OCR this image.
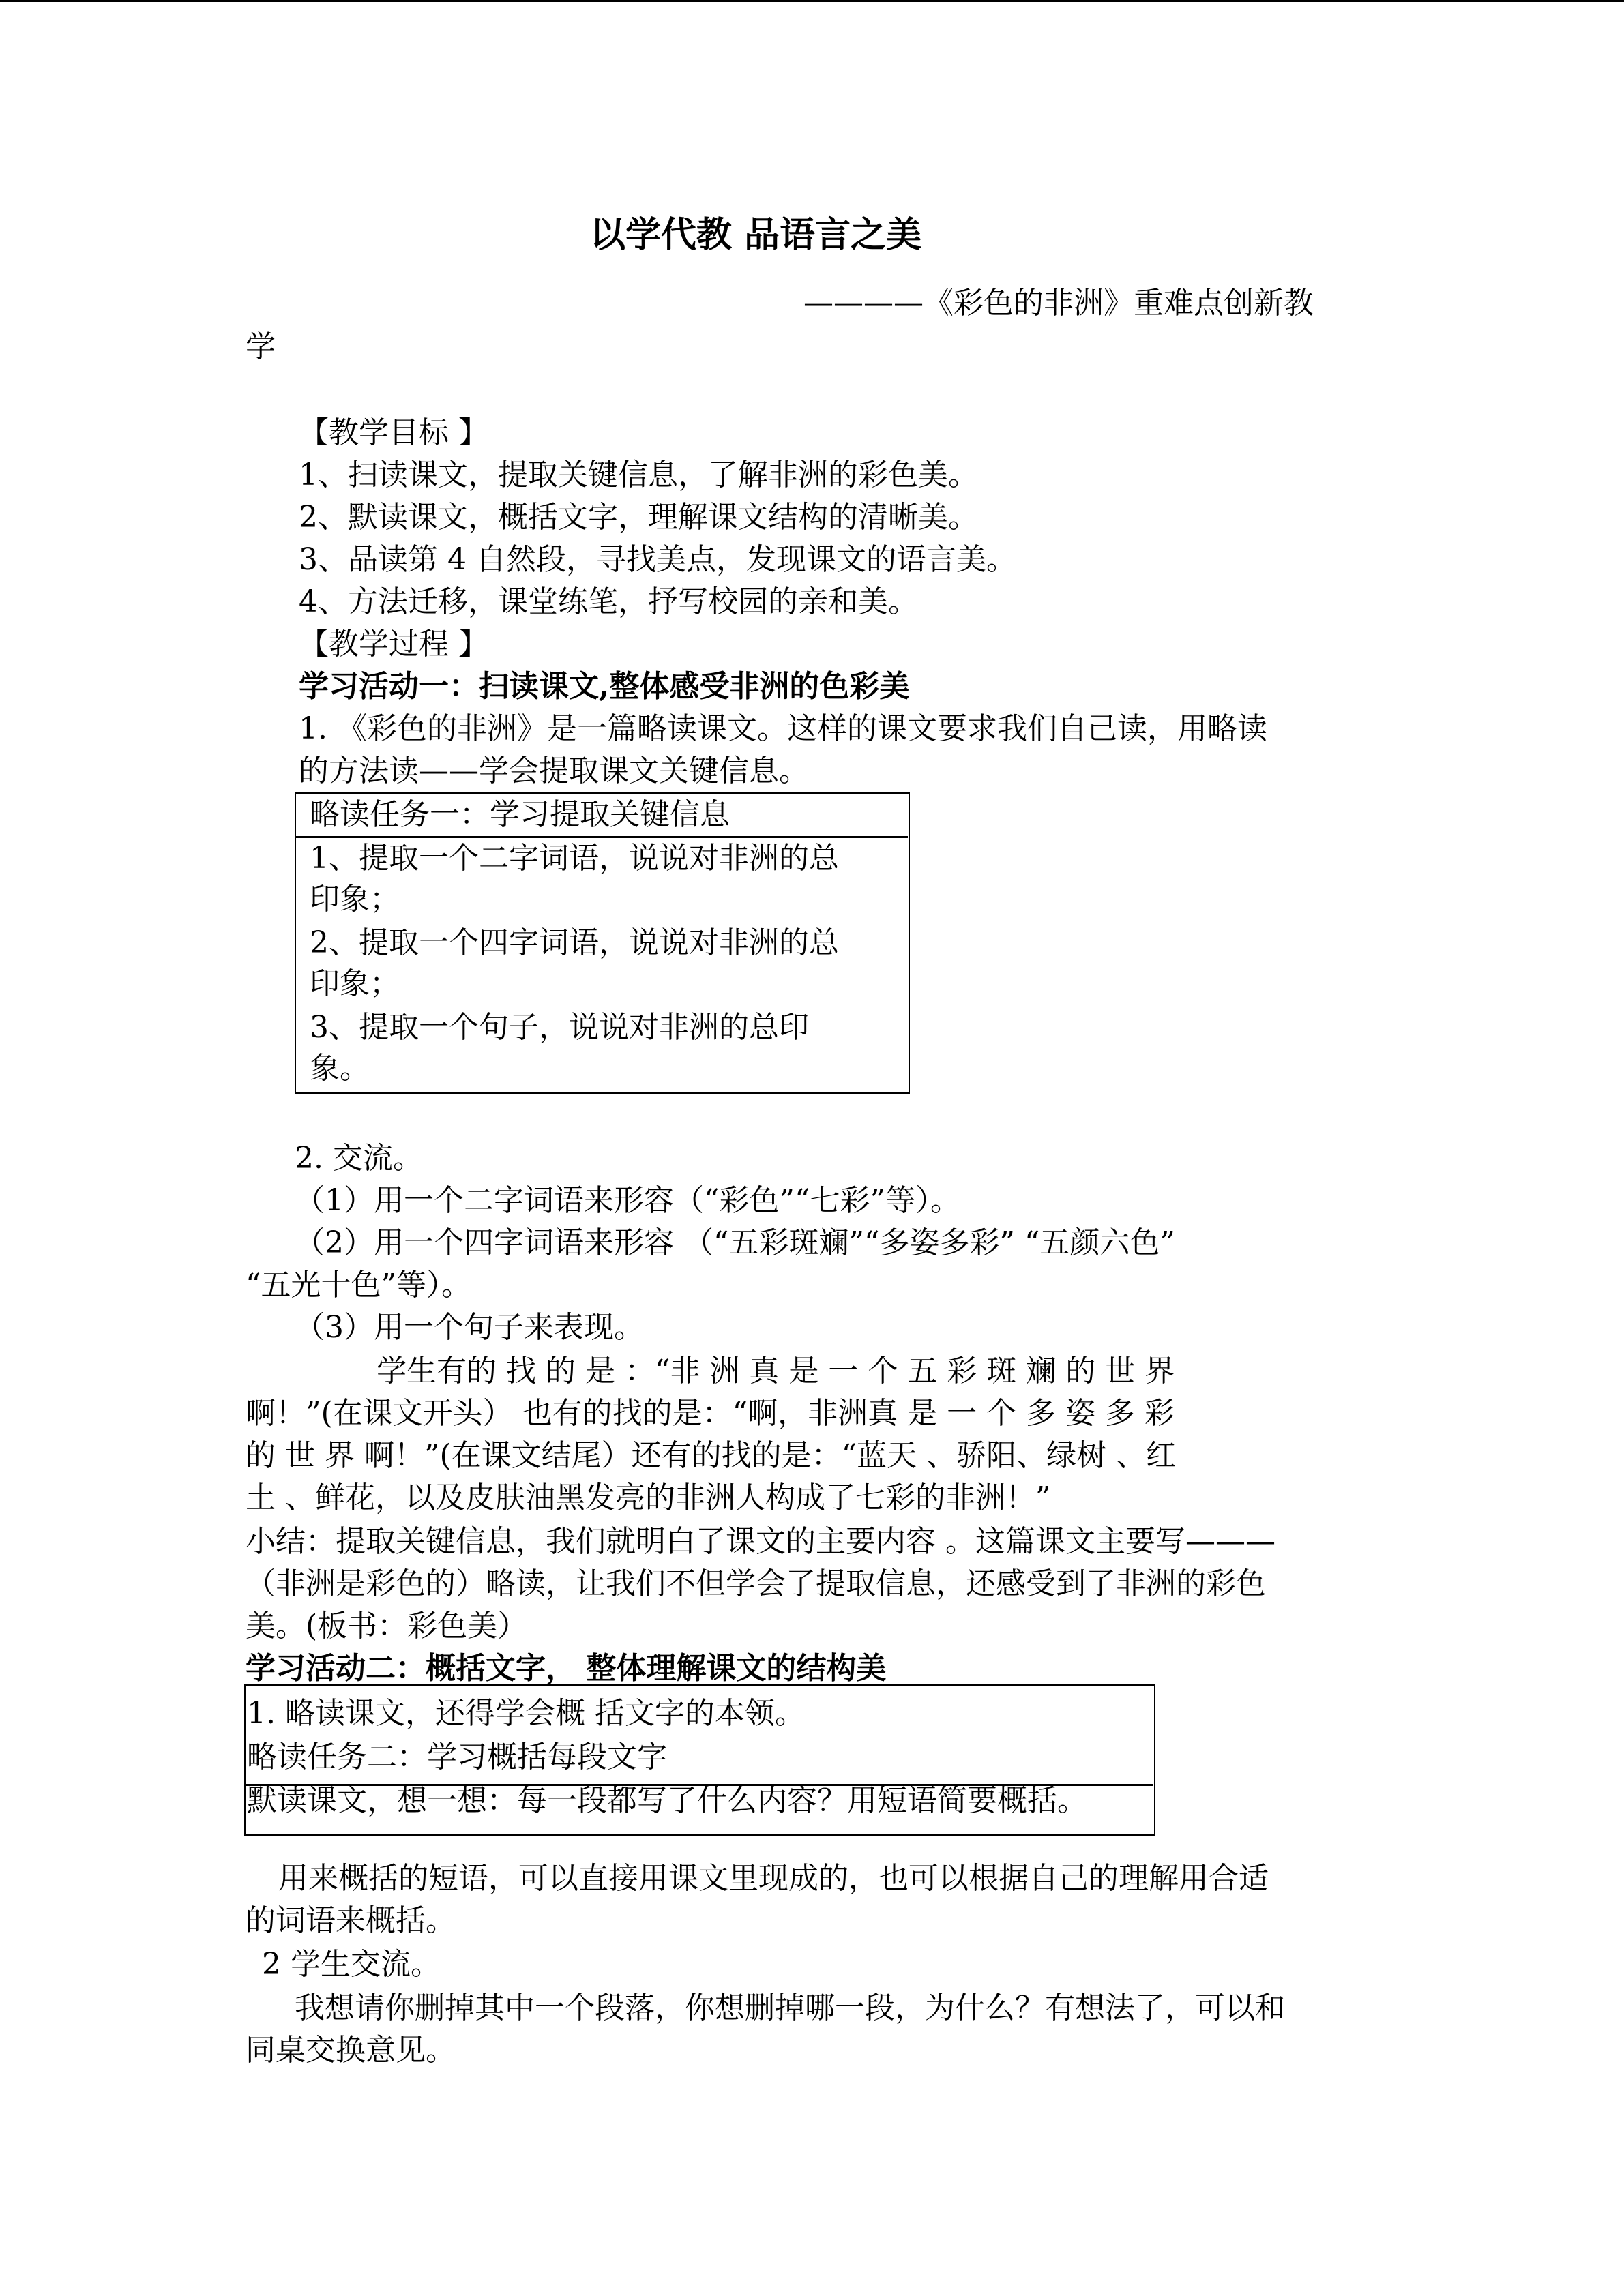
以学代教 品语言之美
————《彩色的非洲》重难点创新教
学
【教学目标 】
1、扫读课文，提取关键信息，了解非洲的彩色美。
2、默读课文，概括文字，理解课文结构的清晰美。
3、品读第 4 自然段，寻找美点，发现课文的语言美。
4、方法迁移，课堂练笔，抒写校园的亲和美。
【教学过程 】
学习活动一：扫读课文,整体感受非洲的色彩美
1. 《彩色的非洲》是一篇略读课文。这样的课文要求我们自己读，用略读
的方法读——学会提取课文关键信息。
略读任务一：学习提取关键信息
1、提取一个二字词语，说说对非洲的总
印象；
2、提取一个四字词语，说说对非洲的总
印象；
3、提取一个句子，说说对非洲的总印
象。
2. 交流。
（1）用一个二字词语来形容（“彩色”“七彩”等）。
（2）用一个四字词语来形容 （“五彩斑斓”“多姿多彩” “五颜六色”
“五光十色”等）。
（3）用一个句子来表现。
学生有的 找 的 是 ：“非 洲 真 是 一 个 五 彩 斑 斓 的 世 界
啊！”(在课文开头） 也有的找的是：“啊，非洲真 是 一 个 多 姿 多 彩
的 世 界 啊！”(在课文结尾）还有的找的是：“蓝天 、骄阳、绿树 、红
土 、鲜花，以及皮肤油黑发亮的非洲人构成了七彩的非洲！”
小结：提取关键信息，我们就明白了课文的主要内容 。这篇课文主要写———
（非洲是彩色的）略读，让我们不但学会了提取信息，还感受到了非洲的彩色
美。(板书：彩色美）
学习活动二：概括文字， 整体理解课文的结构美
1. 略读课文，还得学会概 括文字的本领。
略读任务二：学习概括每段文字
默读课文，想一想：每一段都写了什么内容？用短语简要概括。
用来概括的短语，可以直接用课文里现成的，也可以根据自己的理解用合适
的词语来概括。
2 学生交流。
我想请你删掉其中一个段落，你想删掉哪一段，为什么？有想法了，可以和
同桌交换意见。
